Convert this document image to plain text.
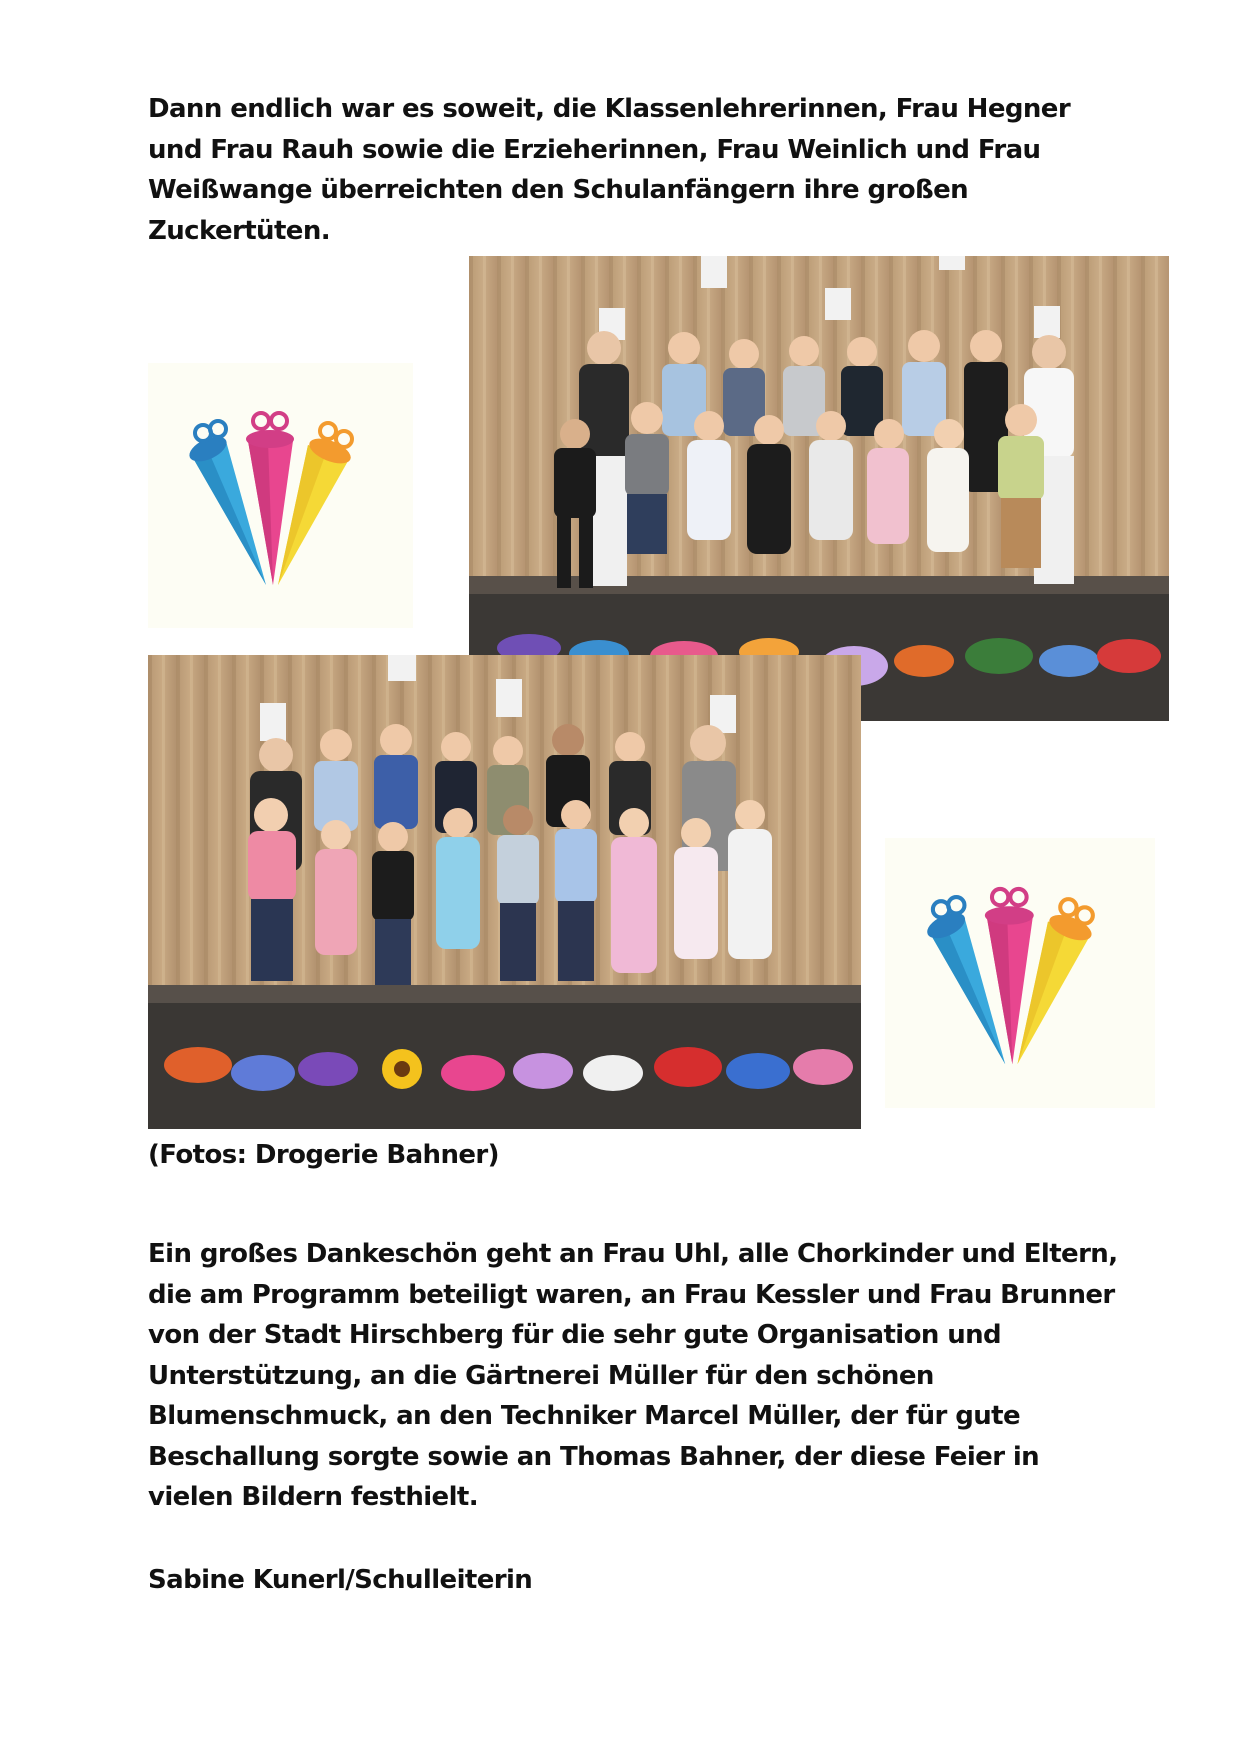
Dann endlich war es soweit, die Klassenlehrerinnen, Frau Hegner
und Frau Rauh sowie die Erzieherinnen, Frau Weinlich und Frau
Weißwange überreichten den Schulanfängern ihre großen
Zuckertüten.

(Fotos: Drogerie Bahner)

Ein großes Dankeschön geht an Frau Uhl, alle Chorkinder und Eltern,
die am Programm beteiligt waren, an Frau Kessler und Frau Brunner
von der Stadt Hirschberg für die sehr gute Organisation und
Unterstützung, an die Gärtnerei Müller für den schönen
Blumenschmuck, an den Techniker Marcel Müller, der für gute
Beschallung sorgte sowie an Thomas Bahner, der diese Feier in
vielen Bildern festhielt.

Sabine Kunerl/Schulleiterin
